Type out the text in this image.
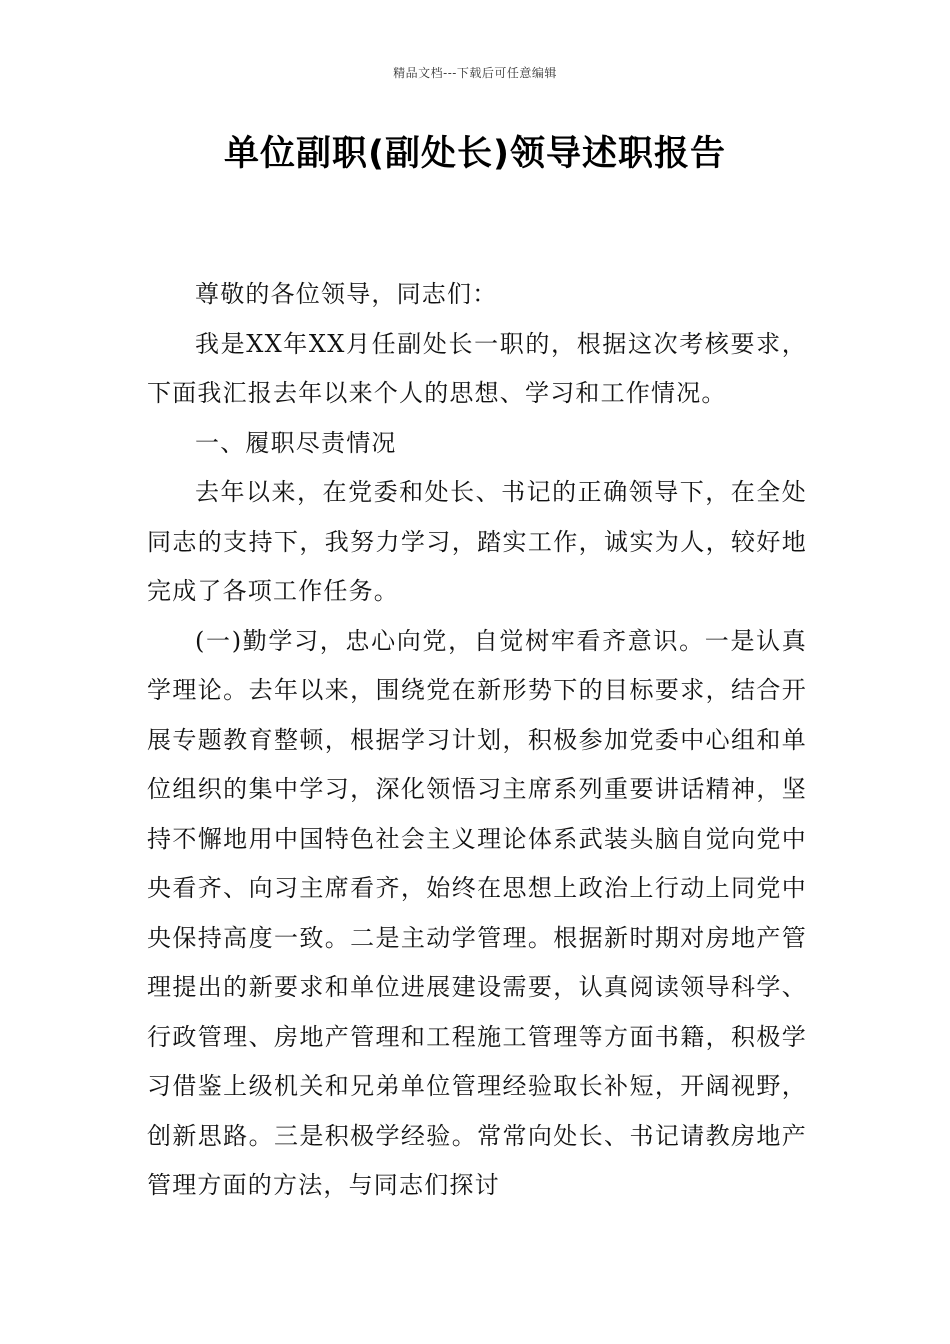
精品文档---下载后可任意编辑
单位副职(副处长)领导述职报告

尊敬的各位领导，同志们：

我是XX年XX月任副处长一职的，根据这次考核要求，下面我汇报去年以来个人的思想、学习和工作情况。

一、履职尽责情况

去年以来，在党委和处长、书记的正确领导下，在全处同志的支持下，我努力学习，踏实工作，诚实为人，较好地完成了各项工作任务。

(一)勤学习，忠心向党，自觉树牢看齐意识。一是认真学理论。去年以来，围绕党在新形势下的目标要求，结合开展专题教育整顿，根据学习计划，积极参加党委中心组和单位组织的集中学习，深化领悟习主席系列重要讲话精神，坚持不懈地用中国特色社会主义理论体系武装头脑自觉向党中央看齐、向习主席看齐，始终在思想上政治上行动上同党中央保持高度一致。二是主动学管理。根据新时期对房地产管理提出的新要求和单位进展建设需要，认真阅读领导科学、行政管理、房地产管理和工程施工管理等方面书籍，积极学习借鉴上级机关和兄弟单位管理经验取长补短，开阔视野，创新思路。三是积极学经验。常常向处长、书记请教房地产管理方面的方法，与同志们探讨
